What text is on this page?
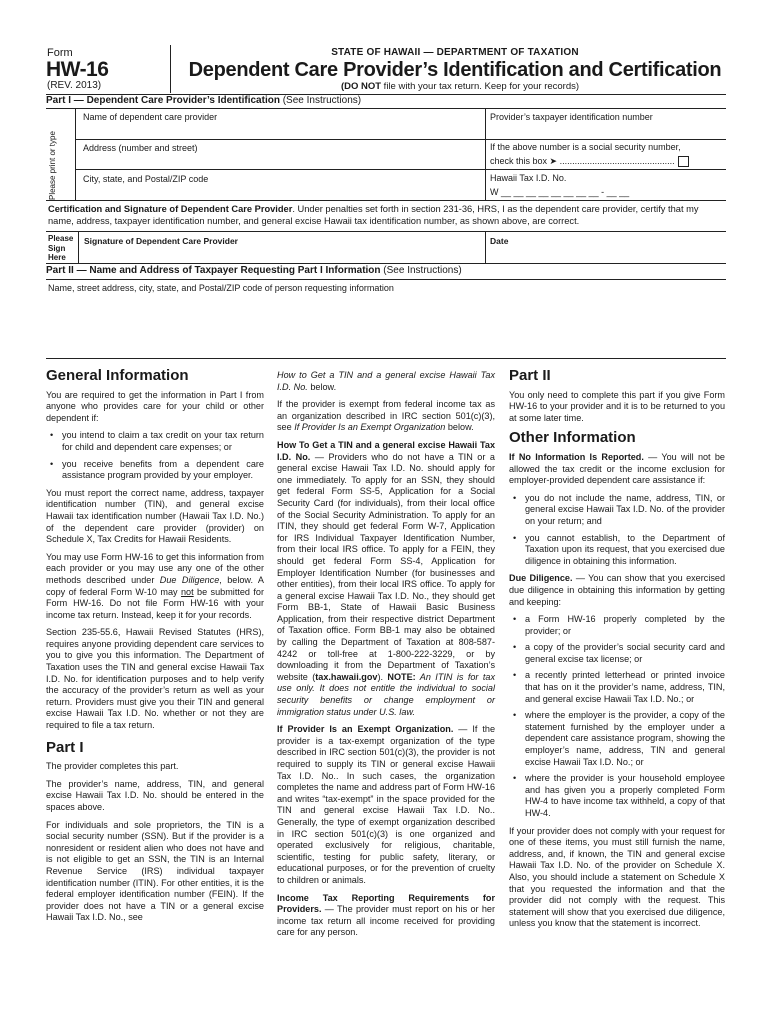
Form
HW-16
(REV. 2013)
STATE OF HAWAII — DEPARTMENT OF TAXATION
Dependent Care Provider’s Identification and Certification
(DO NOT file with your tax return. Keep for your records)
Part I — Dependent Care Provider’s Identification (See Instructions)
Please print or type
Name of dependent care provider	Provider’s taxpayer identification number
Address (number and street)	If the above number is a social security number,
check this box ➤ ..............................................
City, state, and Postal/ZIP code	Hawaii Tax I.D. No.
W __ __ __ __ __ __ __ __ - __ __
Certification and Signature of Dependent Care Provider. Under penalties set forth in section 231-36, HRS, I as the dependent care provider, certify that my name, address, taxpayer identification number, and general excise Hawaii tax identification number, as shown above, are correct.
Please
Sign
Here
Signature of Dependent Care Provider	Date
Part II — Name and Address of Taxpayer Requesting Part I Information (See Instructions)
Name, street address, city, state, and Postal/ZIP code of person requesting information
General Information

You are required to get the information in Part I from anyone who provides care for your child or other dependent if:

• you intend to claim a tax credit on your tax return for child and dependent care expenses; or
• you receive benefits from a dependent care assistance program provided by your employer.

You must report the correct name, address, taxpayer identification number (TIN), and general excise Hawaii tax identification number (Hawaii Tax I.D. No.) of the dependent care provider (provider) on Schedule X, Tax Credits for Hawaii Residents.

You may use Form HW-16 to get this information from each provider or you may use any one of the other methods described under Due Diligence, below. A copy of federal Form W-10 may not be submitted for Form HW-16. Do not file Form HW-16 with your income tax return. Instead, keep it for your records.

Section 235-55.6, Hawaii Revised Statutes (HRS), requires anyone providing dependent care services to you to give you this information. The Department of Taxation uses the TIN and general excise Hawaii Tax I.D. No. for identification purposes and to help verify the accuracy of the provider’s return as well as your return. Providers must give you their TIN and general excise Hawaii Tax I.D. No. whether or not they are required to file a tax return.

Part I

The provider completes this part.

The provider’s name, address, TIN, and general excise Hawaii Tax I.D. No. should be entered in the spaces above.

For individuals and sole proprietors, the TIN is a social security number (SSN). But if the provider is a nonresident or resident alien who does not have and is not eligible to get an SSN, the TIN is an Internal Revenue Service (IRS) individual taxpayer identification number (ITIN). For other entities, it is the federal employer identification number (FEIN). If the provider does not have a TIN or a general excise Hawaii Tax I.D. No., see

How to Get a TIN and a general excise Hawaii Tax I.D. No. below.

If the provider is exempt from federal income tax as an organization described in IRC section 501(c)(3), see If Provider Is an Exempt Organization below.

How To Get a TIN and a general excise Hawaii Tax I.D. No. — Providers who do not have a TIN or a general excise Hawaii Tax I.D. No. should apply for one immediately. To apply for an SSN, they should get federal Form SS-5, Application for a Social Security Card (for individuals), from their local office of the Social Security Administration. To apply for an ITIN, they should get federal Form W-7, Application for IRS Individual Taxpayer Identification Number, from their local IRS office. To apply for a FEIN, they should get federal Form SS-4, Application for Employer Identification Number (for businesses and other entities), from their local IRS office. To apply for a general excise Hawaii Tax I.D. No., they should get Form BB-1, State of Hawaii Basic Business Application, from their respective district Department of Taxation office. Form BB-1 may also be obtained by calling the Department of Taxation at 808-587-4242 or toll-free at 1-800-222-3229, or by downloading it from the Department of Taxation’s website (tax.hawaii.gov). NOTE: An ITIN is for tax use only. It does not entitle the individual to social security benefits or change employment or immigration status under U.S. law.

If Provider Is an Exempt Organization. — If the provider is a tax-exempt organization of the type described in IRC section 501(c)(3), the provider is not required to supply its TIN or general excise Hawaii Tax I.D. No.. In such cases, the organization completes the name and address part of Form HW-16 and writes “tax-exempt” in the space provided for the TIN and general excise Hawaii Tax I.D. No.. Generally, the type of exempt organization described in IRC section 501(c)(3) is one organized and operated exclusively for religious, charitable, scientific, testing for public safety, literary, or educational purposes, or for the prevention of cruelty to children or animals.

Income Tax Reporting Requirements for Providers. — The provider must report on his or her income tax return all income received for providing care for any person.

Part II

You only need to complete this part if you give Form HW-16 to your provider and it is to be returned to you at some later time.

Other Information

If No Information Is Reported. — You will not be allowed the tax credit or the income exclusion for employer-provided dependent care assistance if:

• you do not include the name, address, TIN, or general excise Hawaii Tax I.D. No. of the provider on your return; and
• you cannot establish, to the Department of Taxation upon its request, that you exercised due diligence in obtaining this information.

Due Diligence. — You can show that you exercised due diligence in obtaining this information by getting and keeping:

• a Form HW-16 properly completed by the provider; or
• a copy of the provider’s social security card and general excise tax license; or
• a recently printed letterhead or printed invoice that has on it the provider’s name, address, TIN, and general excise Hawaii Tax I.D. No.; or
• where the employer is the provider, a copy of the statement furnished by the employer under a dependent care assistance program, showing the employer’s name, address, TIN and general excise Hawaii Tax I.D. No.; or
• where the provider is your household employee and has given you a properly completed Form HW-4 to have income tax withheld, a copy of that HW-4.

If your provider does not comply with your request for one of these items, you must still furnish the name, address, and, if known, the TIN and general excise Hawaii Tax I.D. No. of the provider on Schedule X. Also, you should include a statement on Schedule X that you requested the information and that the provider did not comply with the request. This statement will show that you exercised due diligence, unless you know that the statement is incorrect.
